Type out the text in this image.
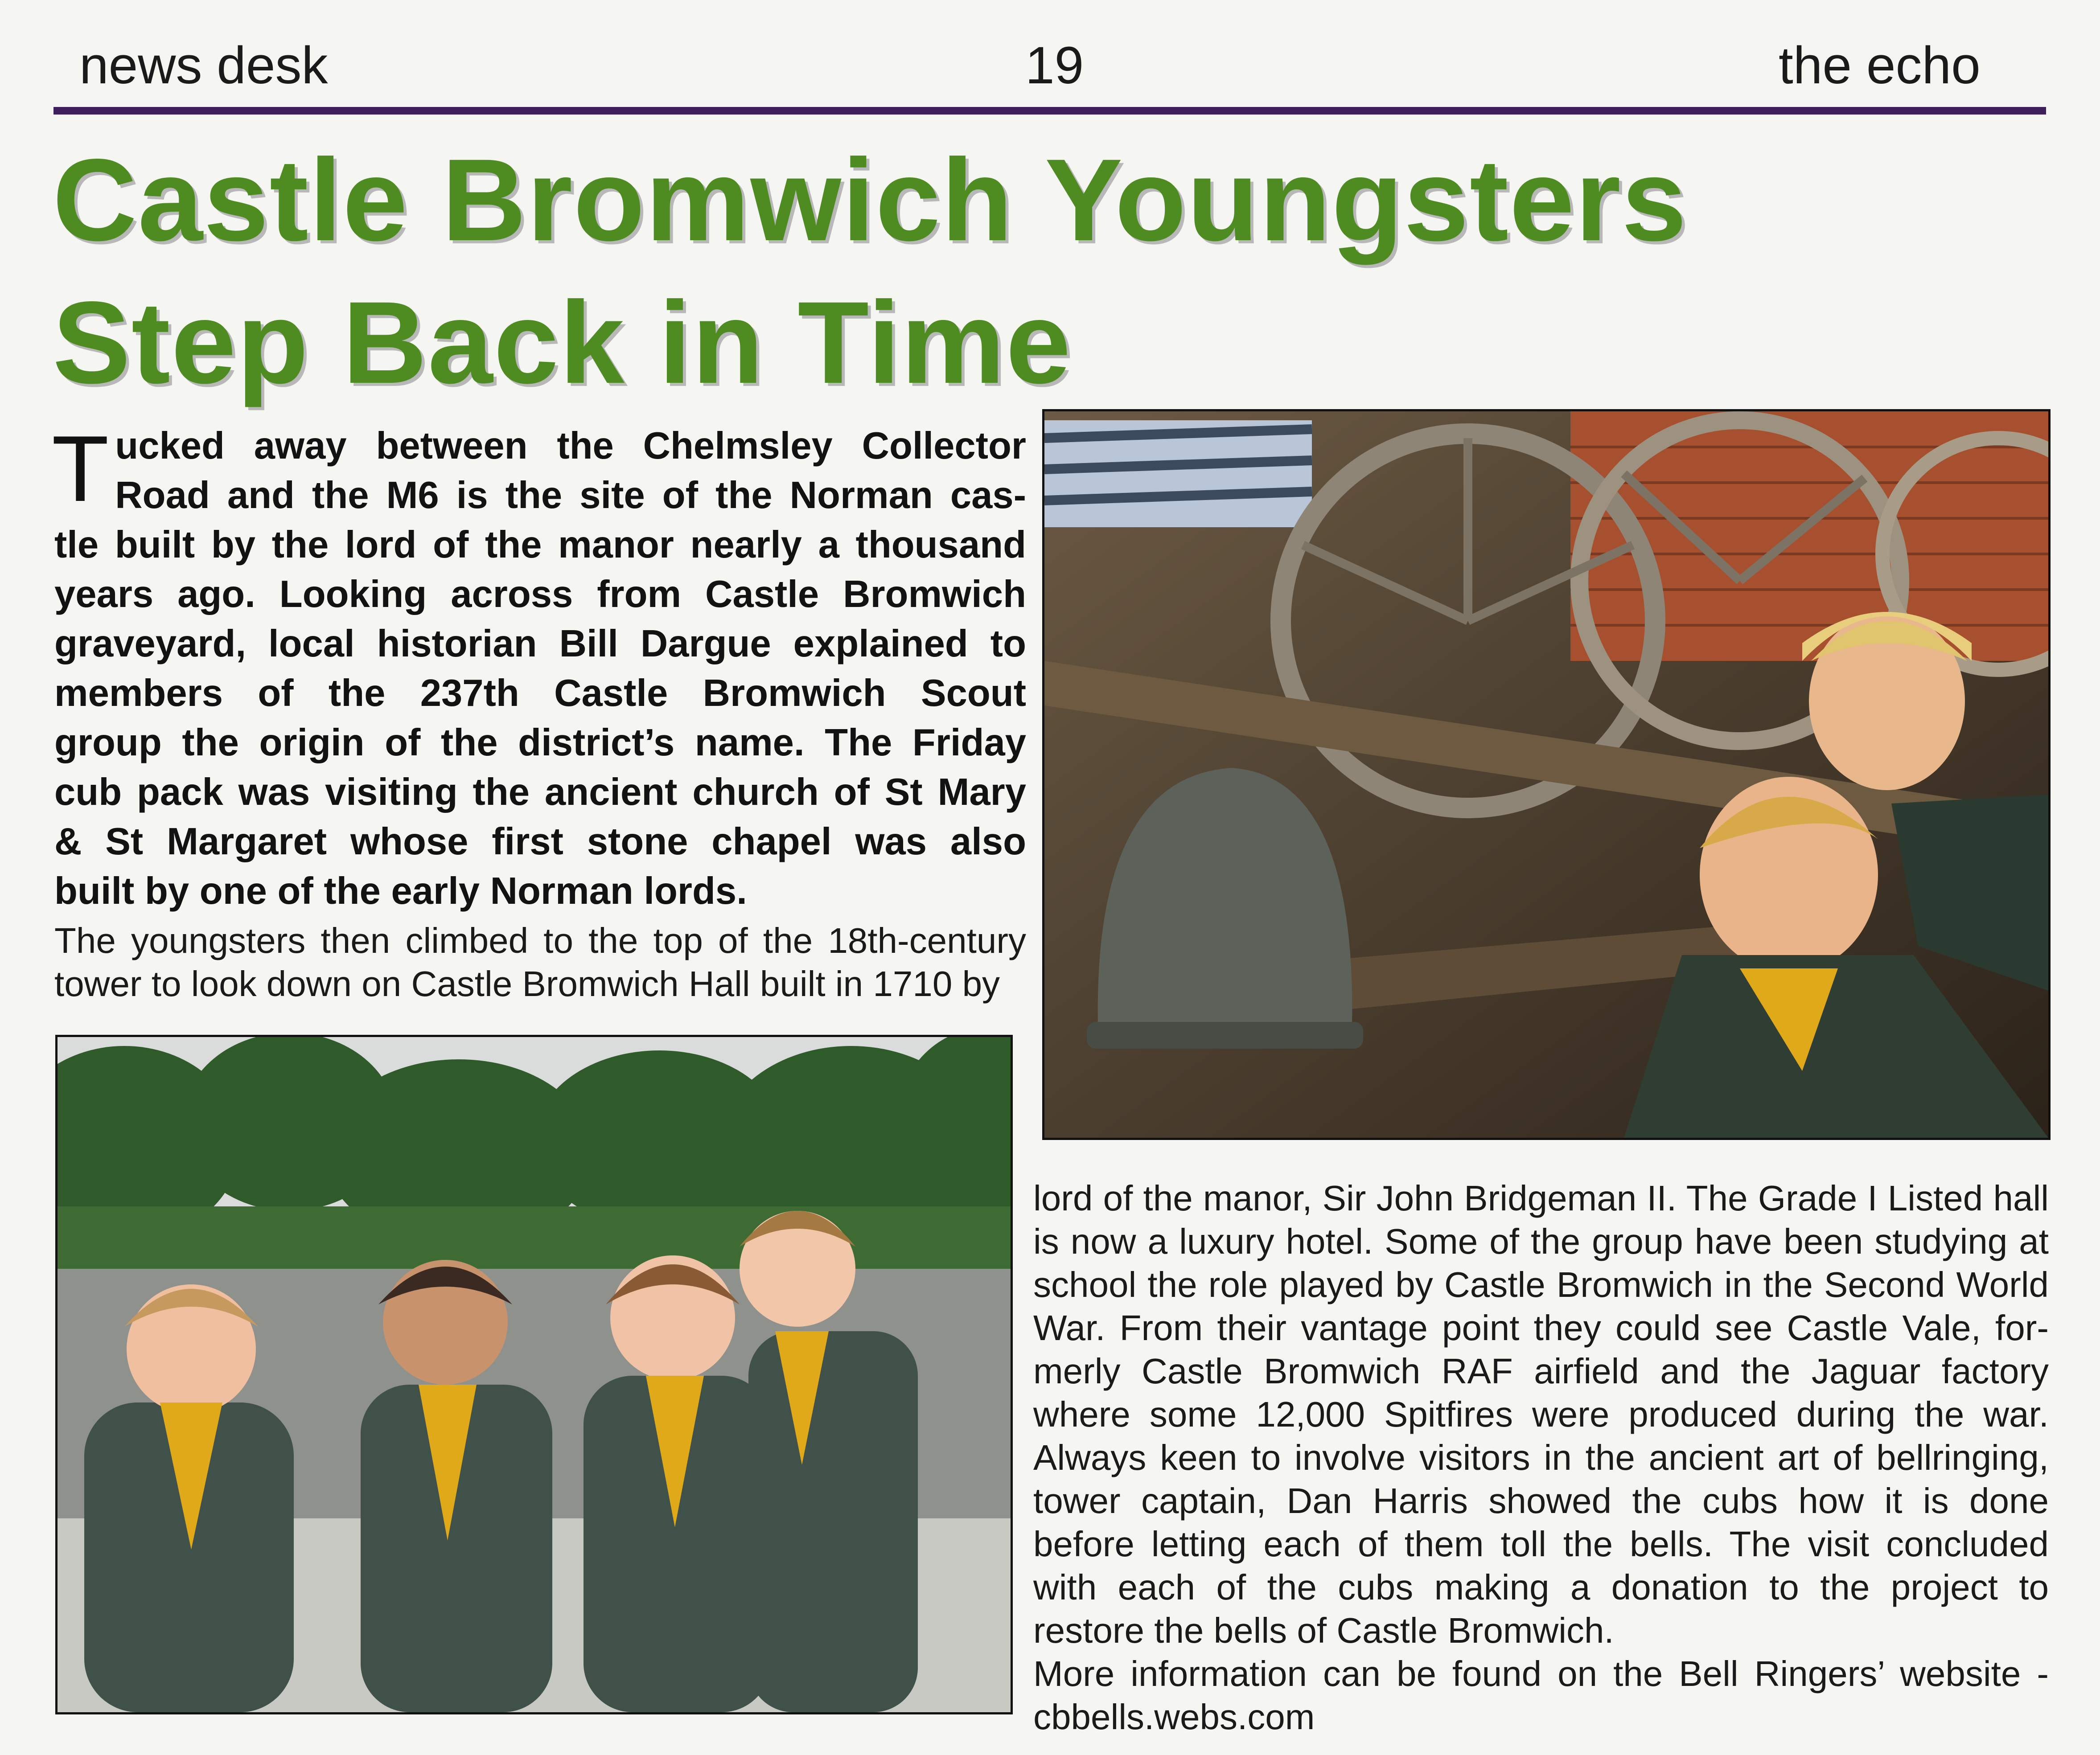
news desk	19	the echo
Castle Bromwich Youngsters
Step Back in Time
T ucked away between the Chelmsley Collector
Road and the M6 is the site of the Norman cas-
tle built by the lord of the manor nearly a thousand
years ago. Looking across from Castle Bromwich
graveyard, local historian Bill Dargue explained to
members of the 237th Castle Bromwich Scout
group the origin of the district’s name. The Friday
cub pack was visiting the ancient church of St Mary
& St Margaret whose first stone chapel was also
built by one of the early Norman lords.
The youngsters then climbed to the top of the 18th-century
tower to look down on Castle Bromwich Hall built in 1710 by
lord of the manor, Sir John Bridgeman II. The Grade I Listed hall
is now a luxury hotel. Some of the group have been studying at
school the role played by Castle Bromwich in the Second World
War. From their vantage point they could see Castle Vale, for-
merly Castle Bromwich RAF airfield and the Jaguar factory
where some 12,000 Spitfires were produced during the war.
Always keen to involve visitors in the ancient art of bellringing,
tower captain, Dan Harris showed the cubs how it is done
before letting each of them toll the bells. The visit concluded
with each of the cubs making a donation to the project to
restore the bells of Castle Bromwich.
More information can be found on the Bell Ringers’ website -
cbbells.webs.com
